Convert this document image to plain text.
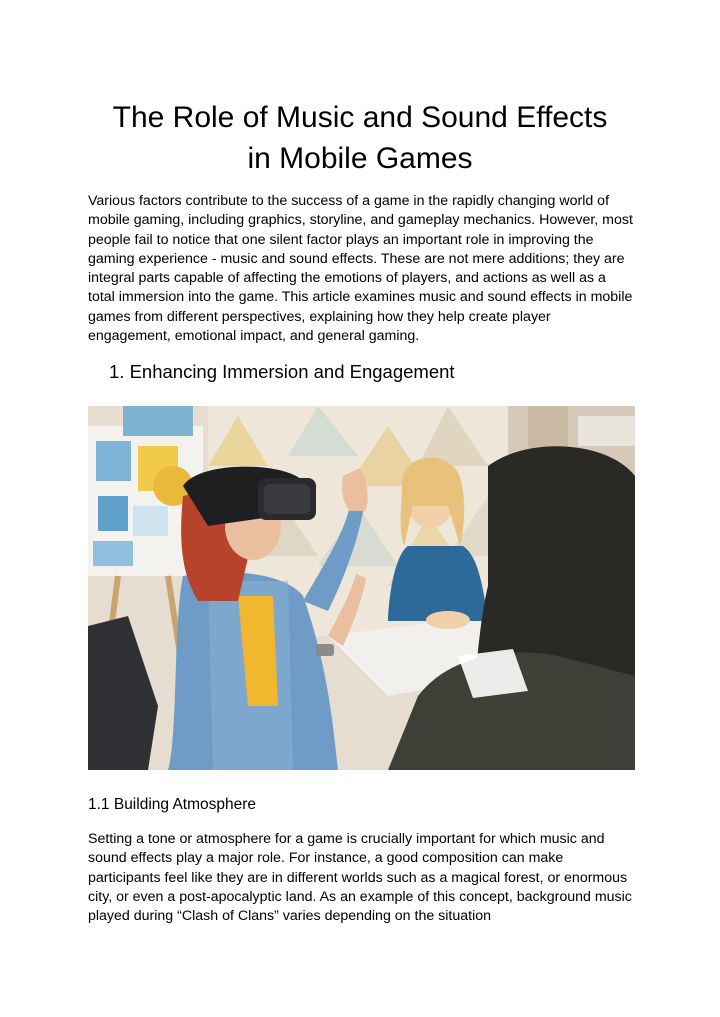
The Role of Music and Sound Effects
in Mobile Games

Various factors contribute to the success of a game in the rapidly changing world of mobile gaming, including graphics, storyline, and gameplay mechanics. However, most people fail to notice that one silent factor plays an important role in improving the gaming experience - music and sound effects. These are not mere additions; they are integral parts capable of affecting the emotions of players, and actions as well as a total immersion into the game. This article examines music and sound effects in mobile games from different perspectives, explaining how they help create player engagement, emotional impact, and general gaming.

1. Enhancing Immersion and Engagement
1.1 Building Atmosphere

Setting a tone or atmosphere for a game is crucially important for which music and sound effects play a major role. For instance, a good composition can make participants feel like they are in different worlds such as a magical forest, or enormous city, or even a post-apocalyptic land. As an example of this concept, background music played during “Clash of Clans” varies depending on the situation
